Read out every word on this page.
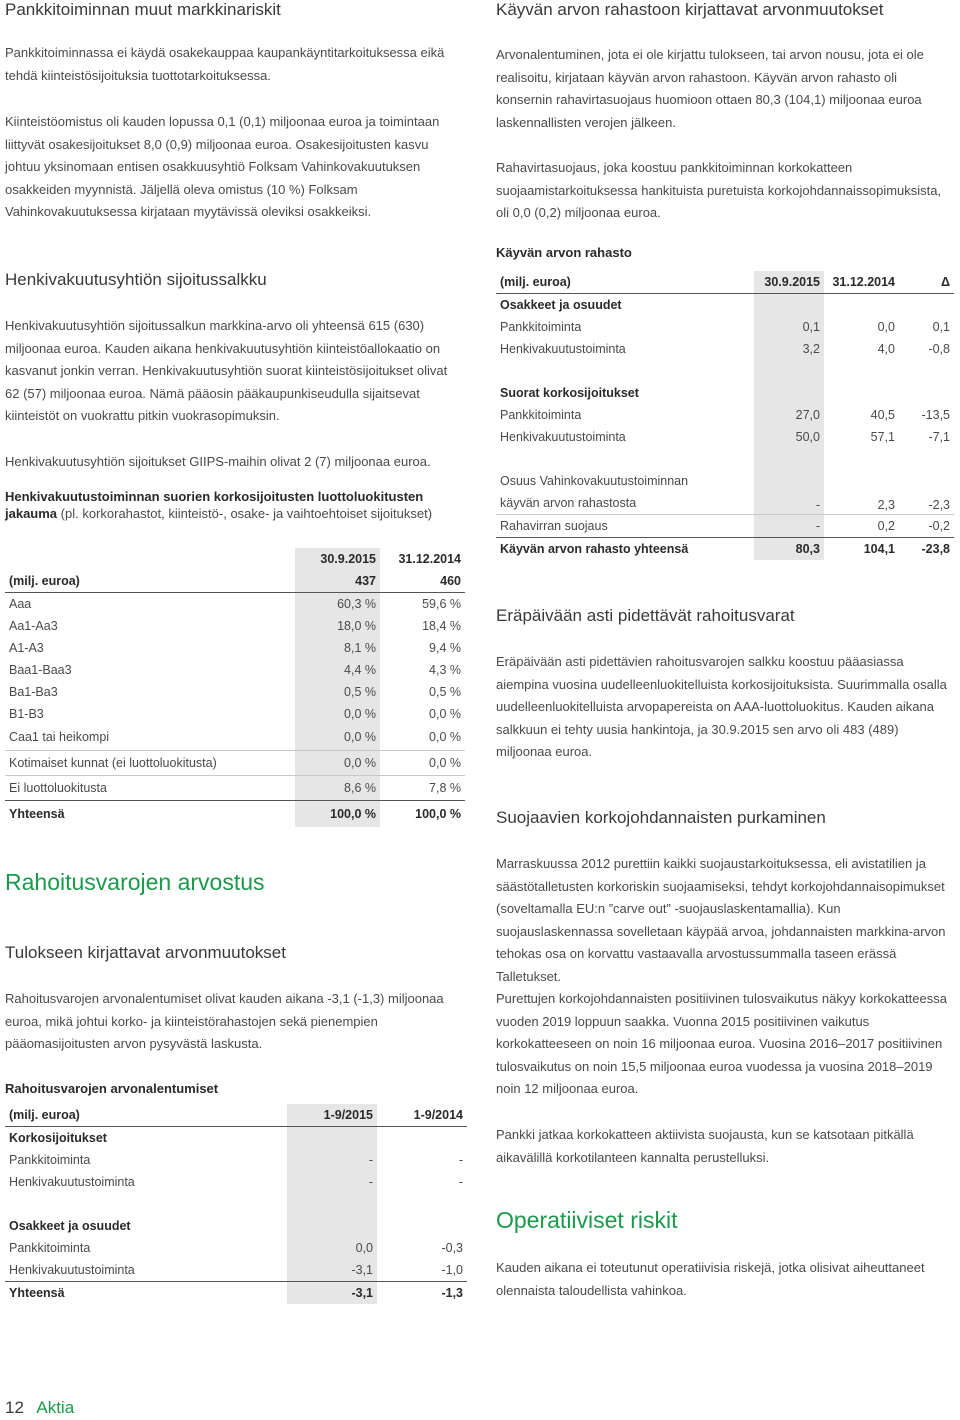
Pankkitoiminnan muut markkinariskit

Pankkitoiminnassa ei käydä osakekauppaa kaupankäyntitarkoituksessa eikä tehdä kiinteistösijoituksia tuottotarkoituksessa.

Kiinteistöomistus oli kauden lopussa 0,1 (0,1) miljoonaa euroa ja toimintaan liittyvät osakesijoitukset 8,0 (0,9) miljoonaa euroa. Osakesijoitusten kasvu johtuu yksinomaan entisen osakkuusyhtiö Folksam Vahinkovakuutuksen osakkeiden myynnistä. Jäljellä oleva omistus (10 %) Folksam Vahinkovakuutuksessa kirjataan myytävissä oleviksi osakkeiksi.

Henkivakuutusyhtiön sijoitussalkku

Henkivakuutusyhtiön sijoitussalkun markkina-arvo oli yhteensä 615 (630) miljoonaa euroa. Kauden aikana henkivakuutusyhtiön kiinteistöallokaatio on kasvanut jonkin verran. Henkivakuutusyhtiön suorat kiinteistösijoitukset olivat 62 (57) miljoonaa euroa. Nämä pääosin pääkaupunkiseudulla sijaitsevat kiinteistöt on vuokrattu pitkin vuokrasopimuksin.

Henkivakuutusyhtiön sijoitukset GIIPS-maihin olivat 2 (7) miljoonaa euroa.

Henkivakuutustoiminnan suorien korkosijoitusten luottoluokitusten jakauma (pl. korkorahastot, kiinteistö-, osake- ja vaihtoehtoiset sijoitukset)
	30.9.2015	31.12.2014
(milj. euroa)	437	460
Aaa	60,3 %	59,6 %
Aa1-Aa3	18,0 %	18,4 %
A1-A3	8,1 %	9,4 %
Baa1-Baa3	4,4 %	4,3 %
Ba1-Ba3	0,5 %	0,5 %
B1-B3	0,0 %	0,0 %
Caa1 tai heikompi	0,0 %	0,0 %
Kotimaiset kunnat (ei luottoluokitusta)	0,0 %	0,0 %
Ei luottoluokitusta	8,6 %	7,8 %
Yhteensä	100,0 %	100,0 %
Rahoitusvarojen arvostus
Tulokseen kirjattavat arvonmuutokset

Rahoitusvarojen arvonalentumiset olivat kauden aikana -3,1 (-1,3) miljoonaa euroa, mikä johtui korko- ja kiinteistörahastojen sekä pienempien pääomasijoitusten arvon pysyvästä laskusta.

Rahoitusvarojen arvonalentumiset
(milj. euroa)	1-9/2015	1-9/2014
Korkosijoitukset		
Pankkitoiminta	-	-
Henkivakuutustoiminta	-	-

Osakkeet ja osuudet		
Pankkitoiminta	0,0	-0,3
Henkivakuutustoiminta	-3,1	-1,0
Yhteensä	-3,1	-1,3
Käyvän arvon rahastoon kirjattavat arvonmuutokset

Arvonalentuminen, jota ei ole kirjattu tulokseen, tai arvon nousu, jota ei ole realisoitu, kirjataan käyvän arvon rahastoon. Käyvän arvon rahasto oli konsernin rahavirtasuojaus huomioon ottaen 80,3 (104,1) miljoonaa euroa laskennallisten verojen jälkeen.

Rahavirtasuojaus, joka koostuu pankkitoiminnan korkokatteen suojaamistarkoituksessa hankituista puretuista korkojohdannaissopimuksista, oli 0,0 (0,2) miljoonaa euroa.

Käyvän arvon rahasto
(milj. euroa)	30.9.2015	31.12.2014	Δ
Osakkeet ja osuudet			
Pankkitoiminta	0,1	0,0	0,1
Henkivakuutustoiminta	3,2	4,0	-0,8

Suorat korkosijoitukset			
Pankkitoiminta	27,0	40,5	-13,5
Henkivakuutustoiminta	50,0	57,1	-7,1

Osuus Vahinkovakuutustoiminnan käyvän arvon rahastosta	-	2,3	-2,3
Rahavirran suojaus	-	0,2	-0,2
Käyvän arvon rahasto yhteensä	80,3	104,1	-23,8
Eräpäivään asti pidettävät rahoitusvarat

Eräpäivään asti pidettävien rahoitusvarojen salkku koostuu pääasiassa aiempina vuosina uudelleenluokitelluista korkosijoituksista. Suurimmalla osalla uudelleenluokitelluista arvopapereista on AAA-luottoluokitus. Kauden aikana salkkuun ei tehty uusia hankintoja, ja 30.9.2015 sen arvo oli 483 (489) miljoonaa euroa.

Suojaavien korkojohdannaisten purkaminen

Marraskuussa 2012 purettiin kaikki suojaustarkoituksessa, eli avistatilien ja säästötalletusten korkoriskin suojaamiseksi, tehdyt korkojohdannaisopimukset (soveltamalla EU:n ”carve out” -suojauslaskentamallia). Kun suojauslaskennassa sovelletaan käypää arvoa, johdannaisten markkina-arvon tehokas osa on korvattu vastaavalla arvostussummalla taseen erässä Talletukset.

Purettujen korkojohdannaisten positiivinen tulosvaikutus näkyy korkokatteessa vuoden 2019 loppuun saakka. Vuonna 2015 positiivinen vaikutus korkokatteeseen on noin 16 miljoonaa euroa. Vuosina 2016–2017 positiivinen tulosvaikutus on noin 15,5 miljoonaa euroa vuodessa ja vuosina 2018–2019 noin 12 miljoonaa euroa.

Pankki jatkaa korkokatteen aktiivista suojausta, kun se katsotaan pitkällä aikavälillä korkotilanteen kannalta perustelluksi.

Operatiiviset riskit

Kauden aikana ei toteutunut operatiivisia riskejä, jotka olisivat aiheuttaneet olennaista taloudellista vahinkoa.

12 Aktia
